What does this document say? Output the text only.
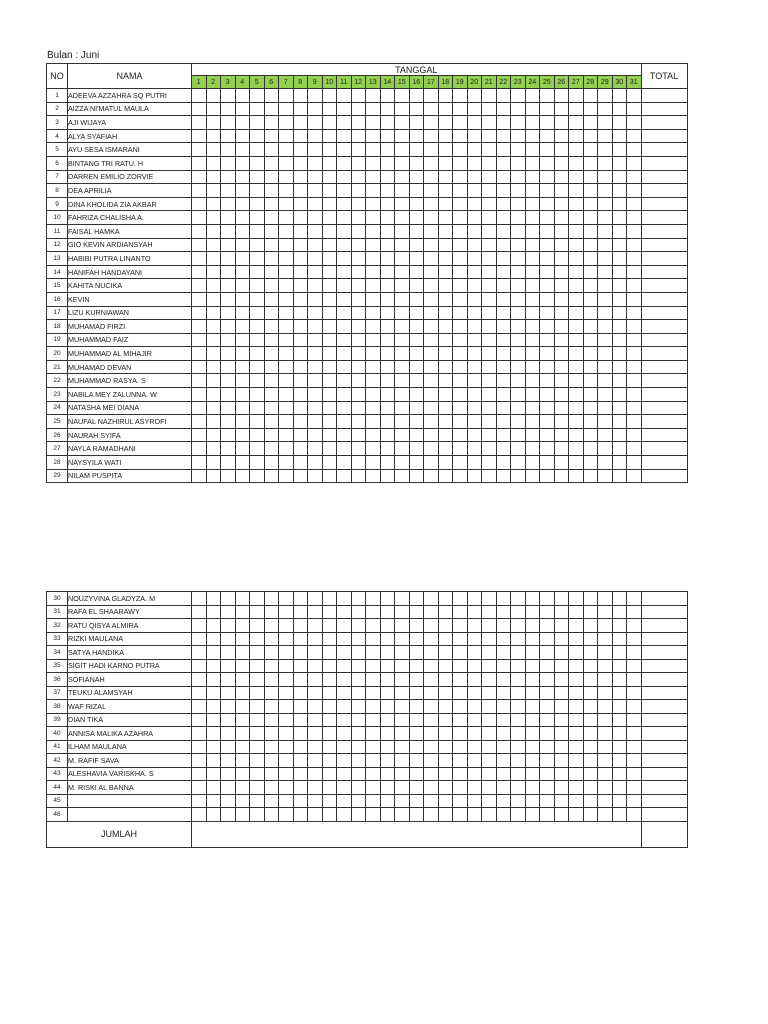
Bulan : Juni
NO	NAMA	TANGGAL																															TOTAL
		1	2	3	4	5	6	7	8	9	10	11	12	13	14	15	16	17	18	19	20	21	22	23	24	25	26	27	28	29	30	31	
1	ADEEVA AZZAHRA SQ PUTRI																																
2	AIZZA NI'MATUL MAULA																																
3	AJI WIJAYA																																
4	ALYA SYAFIAH																																
5	AYU SESA ISMARANI																																
6	BINTANG TRI RATU. H																																
7	DARREN EMILIO ZORVIE																																
8	DEA APRILIA																																
9	DINA KHOLIDA ZIA AKBAR																																
10	FAHRIZA CHALISHA A.																																
11	FAISAL HAMKA																																
12	GIO KEVIN ARDIANSYAH																																
13	HABIBI PUTRA LINANTO																																
14	HANIFAH HANDAYANI																																
15	KAHITA NUCIKA																																
16	KEVIN																																
17	LIZU KURNIAWAN																																
18	MUHAMAD FIRZI																																
19	MUHAMMAD FAIZ																																
20	MUHAMMAD AL MIHAJIR																																
21	MUHAMAD DEVAN																																
22	MUHAMMAD RASYA. S																																
23	NABILA MEY ZALUNNA. W																																
24	NATASHA MEI DIANA																																
25	NAUFAL NAZHIRUL ASYROFI																																
26	NAURAH SYIFA																																
27	NAYLA RAMADHANI																																
28	NAYSYILA WATI																																
29	NILAM PUSPITA																																
30	NOUZYVINA GLADYZA. M																																
31	RAFA EL SHAARAWY																																
32	RATU QISYA ALMIRA																																
33	RIZKI MAULANA																																
34	SATYA HANDIKA																																
35	SIGIT HADI KARNO PUTRA																																
36	SOFIANAH																																
37	TEUKU ALAMSYAH																																
38	WAF RIZAL																																
39	DIAN TIKA																																
40	ANNISA MALIKA AZAHRA																																
41	ILHAM MAULANA																																
42	M. RAFIF SAVA																																
43	ALESHAVIA VARISKHA. S																																
44	M. RISKI AL BANNA																																
45																																	
46																																	
JUMLAH																																	
